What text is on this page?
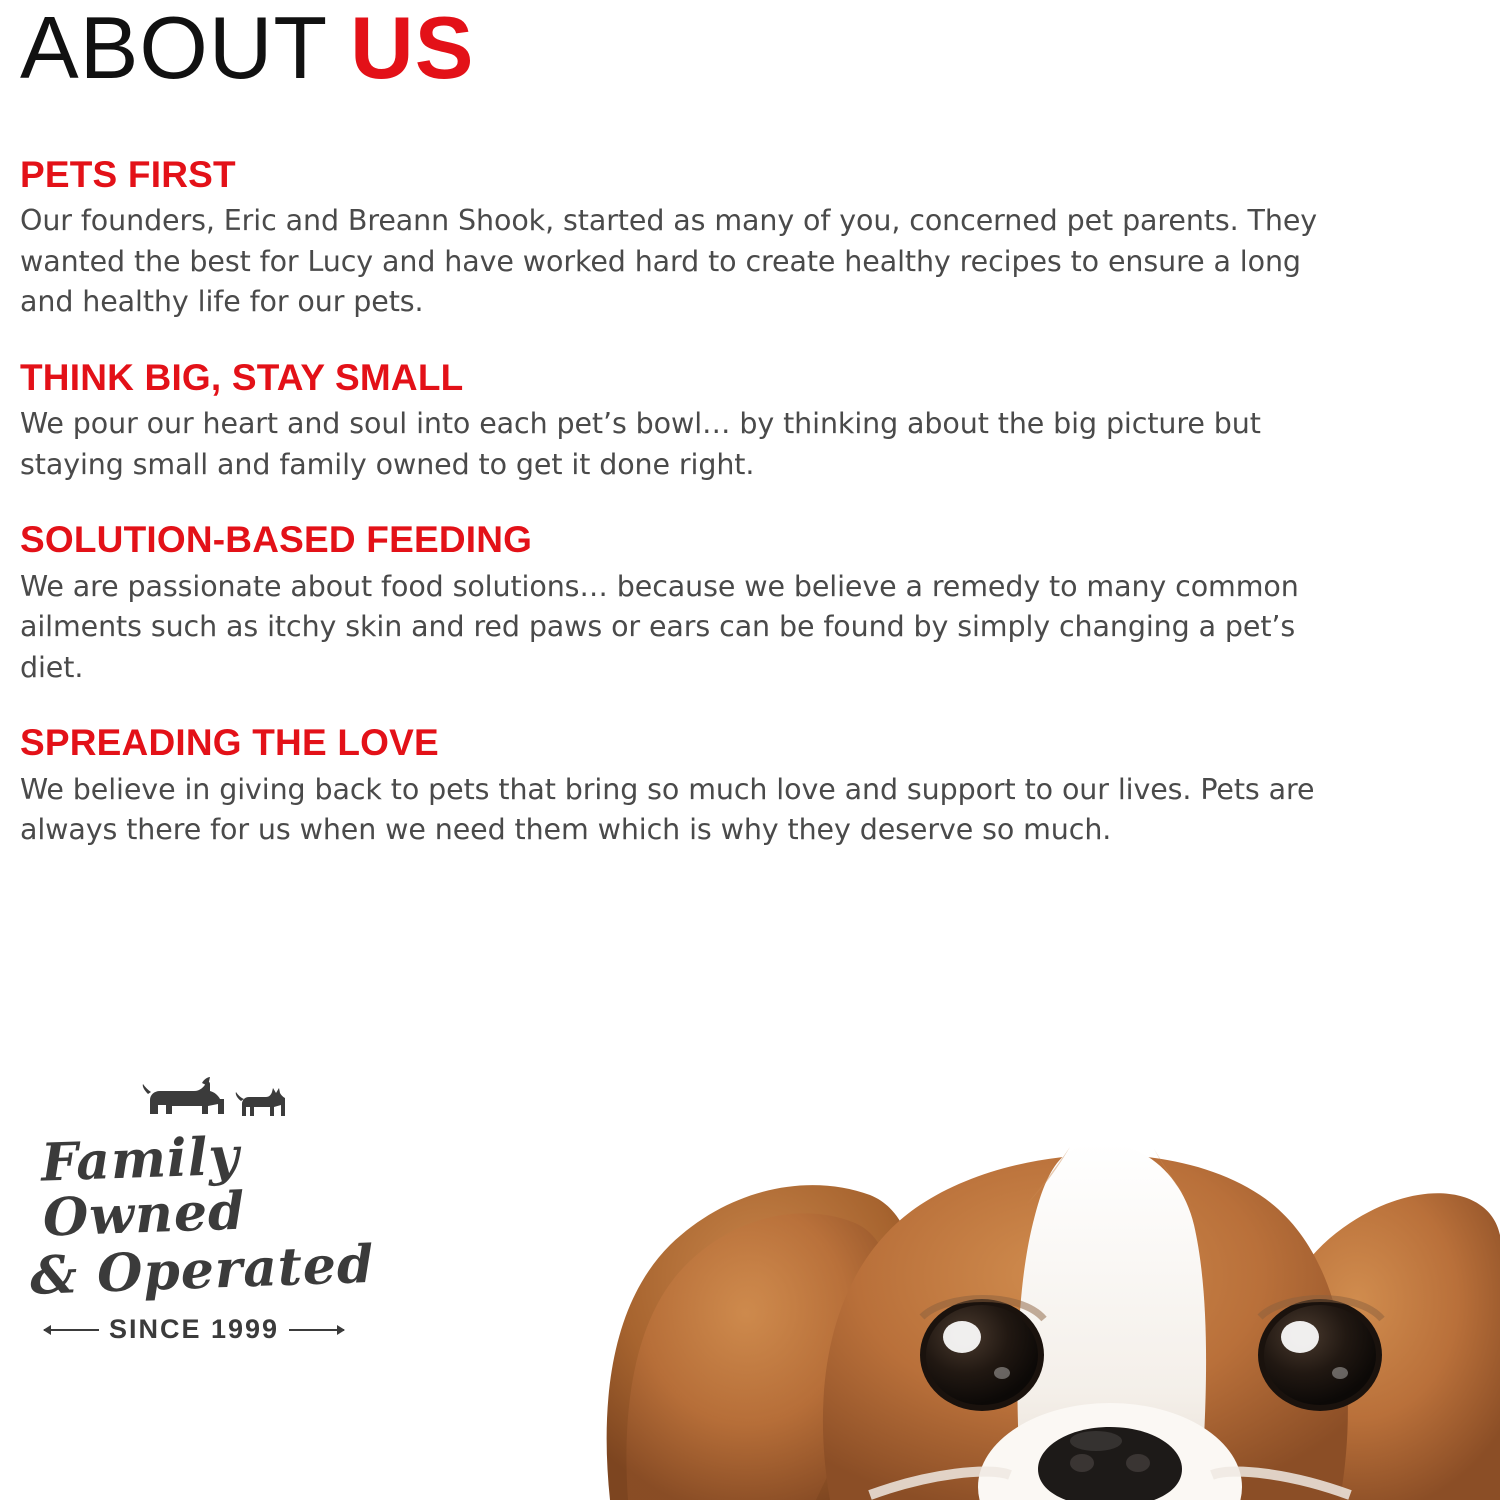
ABOUT US
PETS FIRST

Our founders, Eric and Breann Shook, started as many of you, concerned pet parents. They wanted the best for Lucy and have worked hard to create healthy recipes to ensure a long and healthy life for our pets.

THINK BIG, STAY SMALL

We pour our heart and soul into each pet’s bowl… by thinking about the big picture but staying small and family owned to get it done right.

SOLUTION-BASED FEEDING

We are passionate about food solutions… because we believe a remedy to many common ailments such as itchy skin and red paws or ears can be found by simply changing a pet’s diet.

SPREADING THE LOVE

We believe in giving back to pets that bring so much love and support to our lives. Pets are always there for us when we need them which is why they deserve so much.

Family Owned
& Operated
SINCE 1999
